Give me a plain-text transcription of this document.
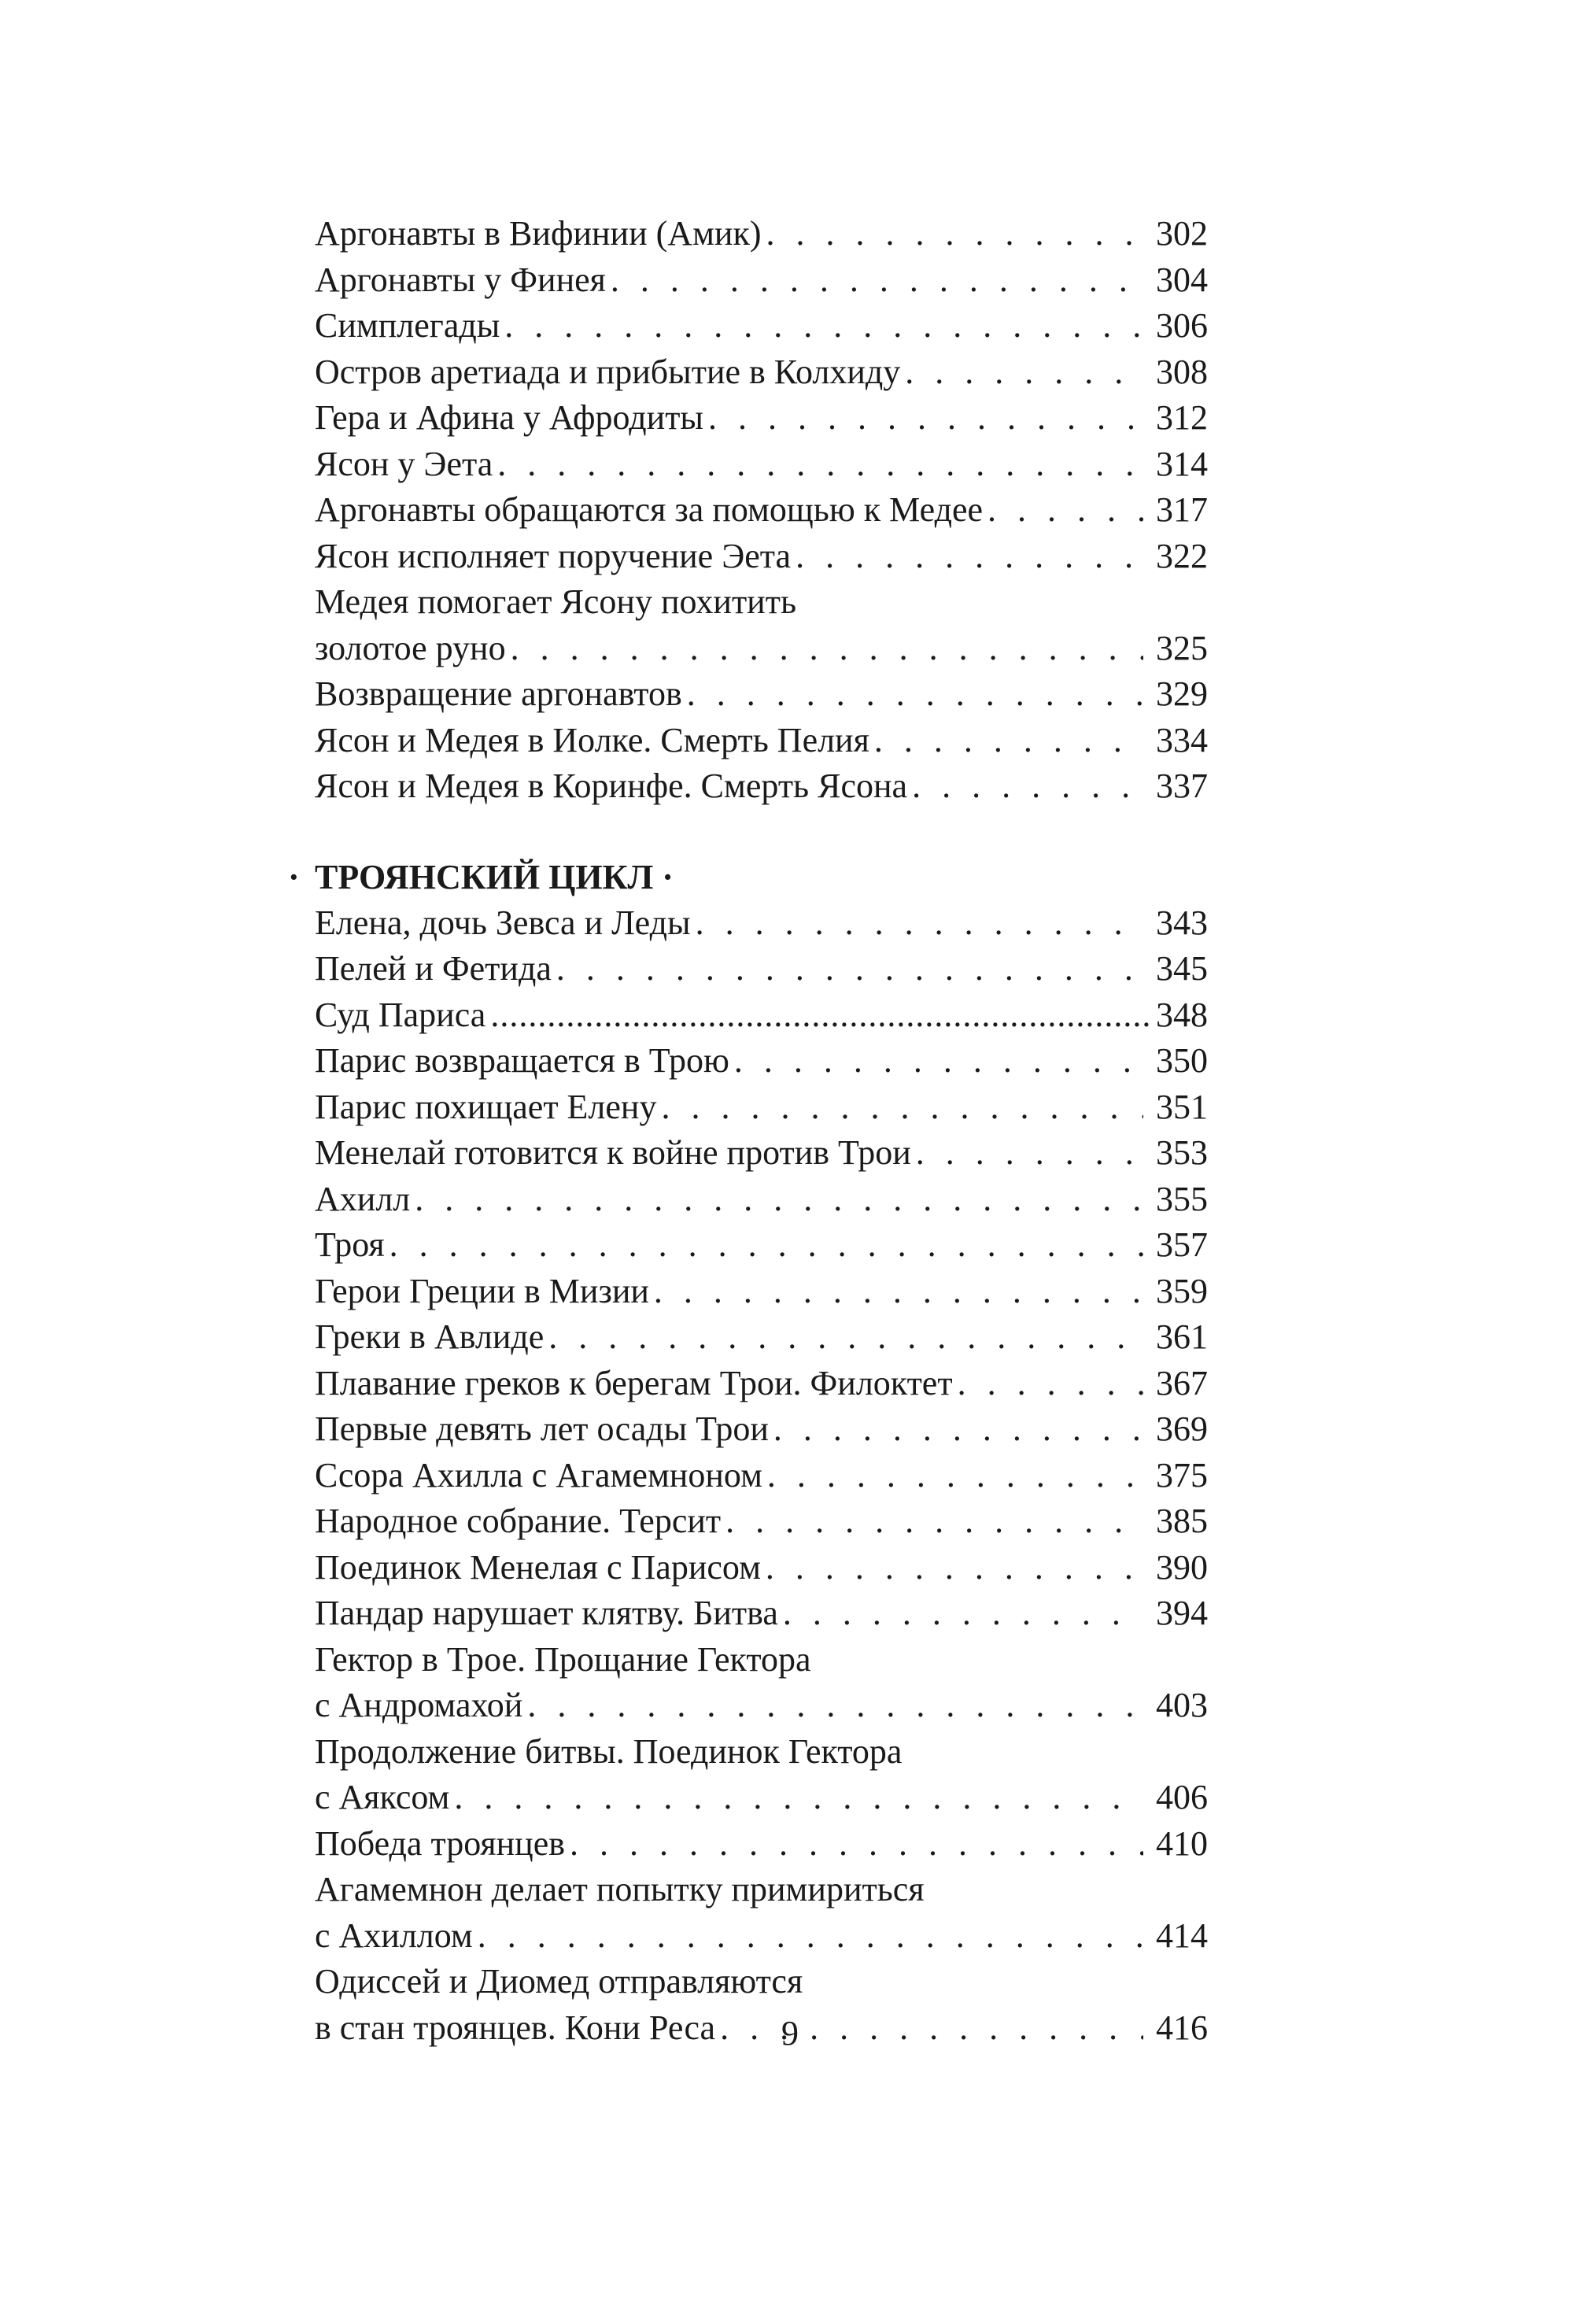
Аргонавты в Вифинии (Амик) . . .	302
Аргонавты у Финея . . .	304
Симплегады . . .	306
Остров аретиада и прибытие в Колхиду . . .	308
Гера и Афина у Афродиты . . .	312
Ясон у Эета . . .	314
Аргонавты обращаются за помощью к Медее . . .	317
Ясон исполняет поручение Эета . . .	322
Медея помогает Ясону похитить
золотое руно . . .	325
Возвращение аргонавтов . . .	329
Ясон и Медея в Иолке. Смерть Пелия . . .	334
Ясон и Медея в Коринфе. Смерть Ясона . . .	337
· ТРОЯНСКИЙ ЦИКЛ ·
Елена, дочь Зевса и Леды . . .	343
Пелей и Фетида . . .	345
Суд Париса .....	348
Парис возвращается в Трою . . .	350
Парис похищает Елену . . .	351
Менелай готовится к войне против Трои . . .	353
Ахилл . . .	355
Троя . . .	357
Герои Греции в Мизии . . .	359
Греки в Авлиде . . .	361
Плавание греков к берегам Трои. Филоктет . . .	367
Первые девять лет осады Трои . . .	369
Ссора Ахилла с Агамемноном . . .	375
Народное собрание. Терсит . . .	385
Поединок Менелая с Парисом . . .	390
Пандар нарушает клятву. Битва . . .	394
Гектор в Трое. Прощание Гектора
с Андромахой . . .	403
Продолжение битвы. Поединок Гектора
с Аяксом . . .	406
Победа троянцев . . .	410
Агамемнон делает попытку примириться
с Ахиллом . . .	414
Одиссей и Диомед отправляются
в стан троянцев. Кони Реса . . .	416
9
